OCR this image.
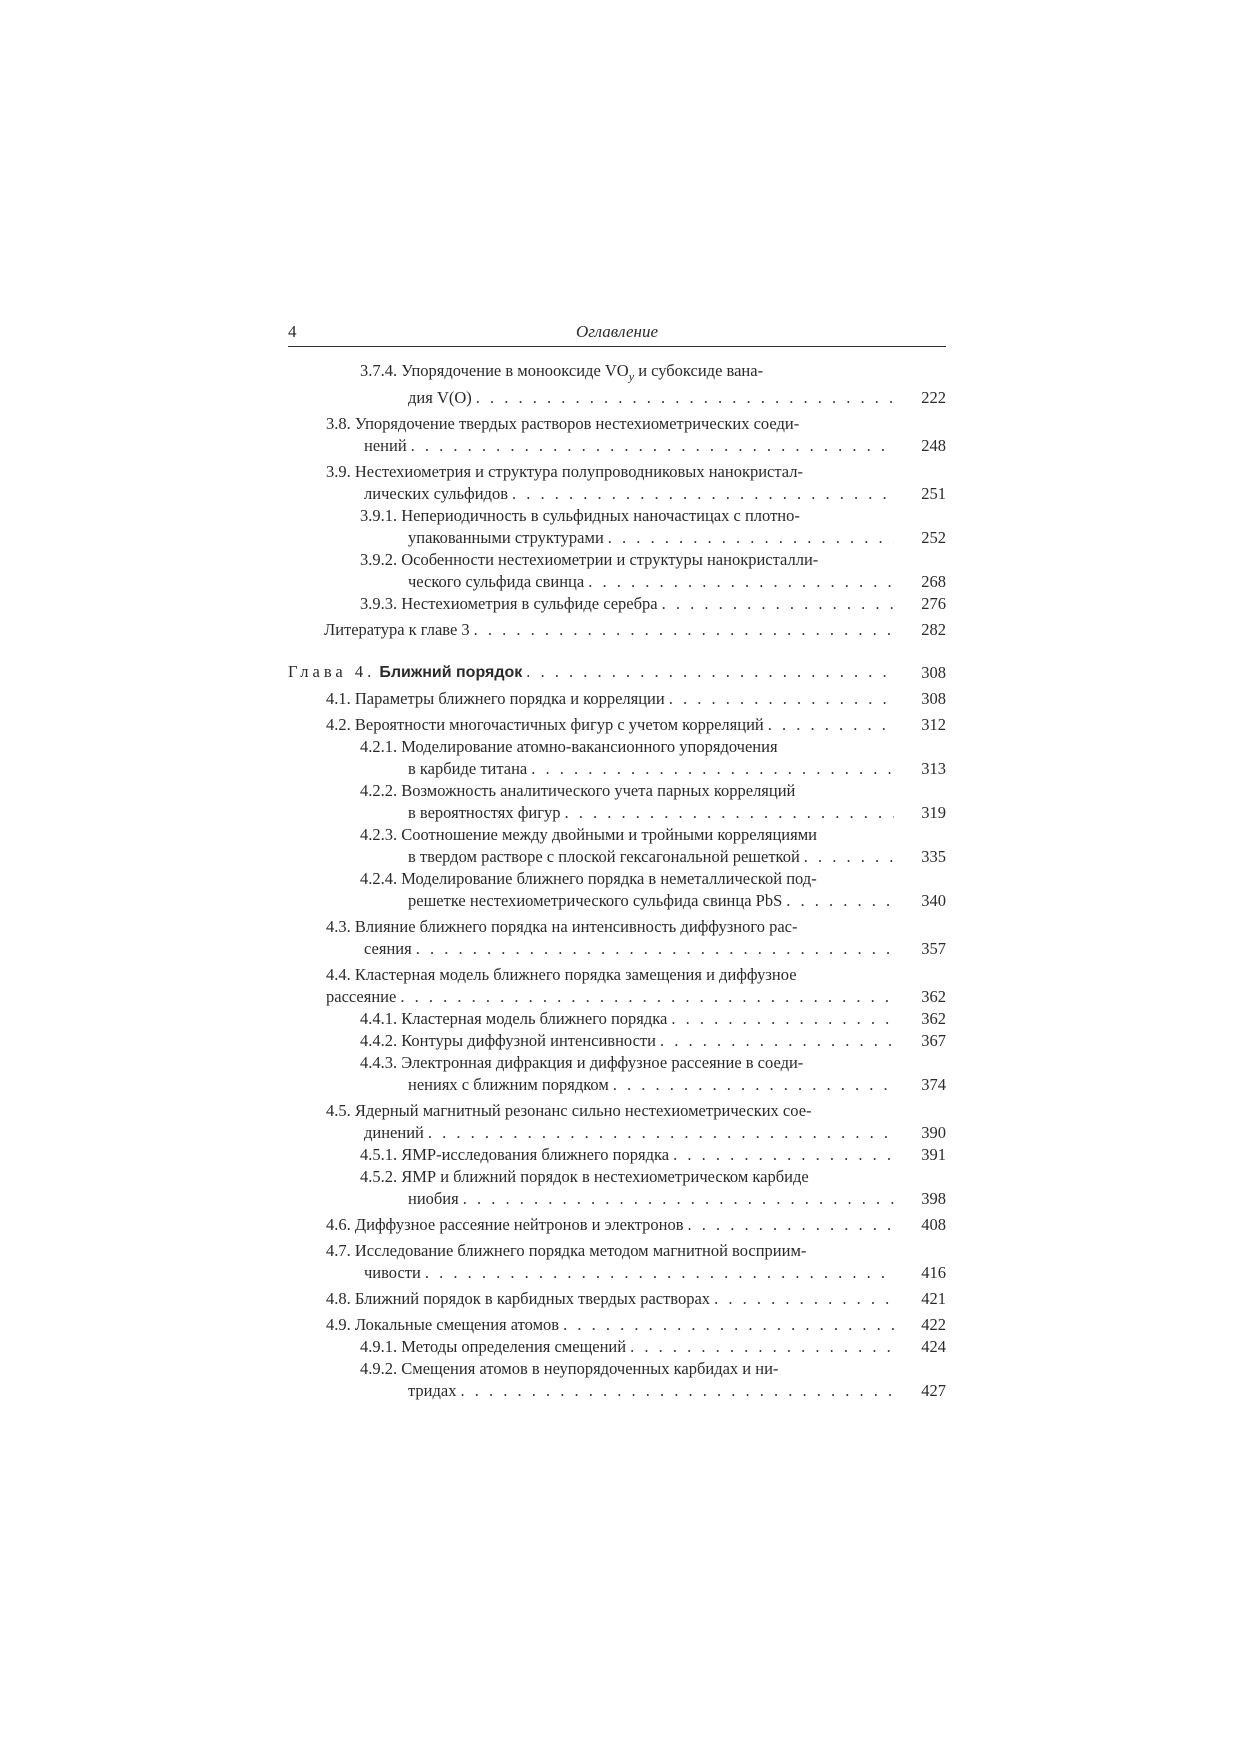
4	Оглавление
3.7.4. Упорядочение в монооксиде $VO_y$ и субоксиде вана-
дия V(O) . . .	222
3.8. Упорядочение твердых растворов нестехиометрических соеди-
нений . . .	248
3.9. Нестехиометрия и структура полупроводниковых нанокристал-
лических сульфидов . . .	251
3.9.1. Непериодичность в сульфидных наночастицах с плотно-
упакованными структурами . . .	252
3.9.2. Особенности нестехиометрии и структуры нанокристалли-
ческого сульфида свинца . . .	268
3.9.3. Нестехиометрия в сульфиде серебра . . .	276
Литература к главе 3 . . .	282
Глава 4. Ближний порядок . . .	308
4.1. Параметры ближнего порядка и корреляции . . .	308
4.2. Вероятности многочастичных фигур с учетом корреляций . . .	312
4.2.1. Моделирование атомно-вакансионного упорядочения
в карбиде титана . . .	313
4.2.2. Возможность аналитического учета парных корреляций
в вероятностях фигур . . .	319
4.2.3. Соотношение между двойными и тройными корреляциями
в твердом растворе с плоской гексагональной решеткой . . .	335
4.2.4. Моделирование ближнего порядка в неметаллической под-
решетке нестехиометрического сульфида свинца PbS . . .	340
4.3. Влияние ближнего порядка на интенсивность диффузного рас-
сеяния . . .	357
4.4. Кластерная модель ближнего порядка замещения и диффузное
рассеяние . . .	362
4.4.1. Кластерная модель ближнего порядка . . .	362
4.4.2. Контуры диффузной интенсивности . . .	367
4.4.3. Электронная дифракция и диффузное рассеяние в соеди-
нениях с ближним порядком . . .	374
4.5. Ядерный магнитный резонанс сильно нестехиометрических сое-
динений . . .	390
4.5.1. ЯМР-исследования ближнего порядка . . .	391
4.5.2. ЯМР и ближний порядок в нестехиометрическом карбиде
ниобия . . .	398
4.6. Диффузное рассеяние нейтронов и электронов . . .	408
4.7. Исследование ближнего порядка методом магнитной восприим-
чивости . . .	416
4.8. Ближний порядок в карбидных твердых растворах . . .	421
4.9. Локальные смещения атомов . . .	422
4.9.1. Методы определения смещений . . .	424
4.9.2. Смещения атомов в неупорядоченных карбидах и ни-
тридах . . .	427
